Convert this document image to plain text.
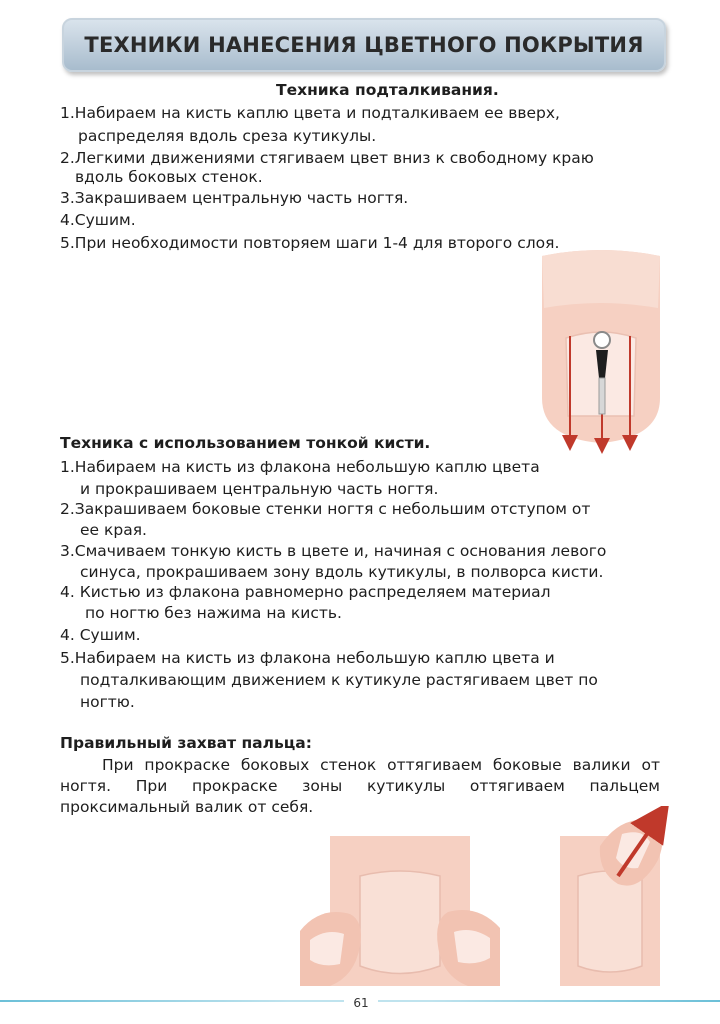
ТЕХНИКИ НАНЕСЕНИЯ ЦВЕТНОГО ПОКРЫТИЯ
Техника подталкивания.
1.Набираем на кисть каплю цвета и подталкиваем ее вверх,
распределяя вдоль среза кутикулы.
2.Легкими движениями стягиваем цвет вниз к свободному краю
вдоль боковых стенок.
3.Закрашиваем центральную часть ногтя.
4.Сушим.
5.При необходимости повторяем шаги 1-4 для второго слоя.
Техника с использованием тонкой кисти.
1.Набираем на кисть из флакона небольшую каплю цвета
и прокрашиваем центральную часть ногтя.
2.Закрашиваем боковые стенки ногтя с небольшим отступом от
ее края.
3.Смачиваем тонкую кисть в цвете и, начиная с основания левого
синуса, прокрашиваем зону вдоль кутикулы, в полворса кисти.
4. Кистью из флакона равномерно распределяем материал
по ногтю без нажима на кисть.
4. Сушим.
5.Набираем на кисть из флакона небольшую каплю цвета и
подталкивающим движением к кутикуле растягиваем цвет по
ногтю.
Правильный захват пальца:

При прокраске боковых стенок оттягиваем боковые валики от ногтя. При прокраске зоны кутикулы оттягиваем пальцем проксимальный валик от себя.

61
